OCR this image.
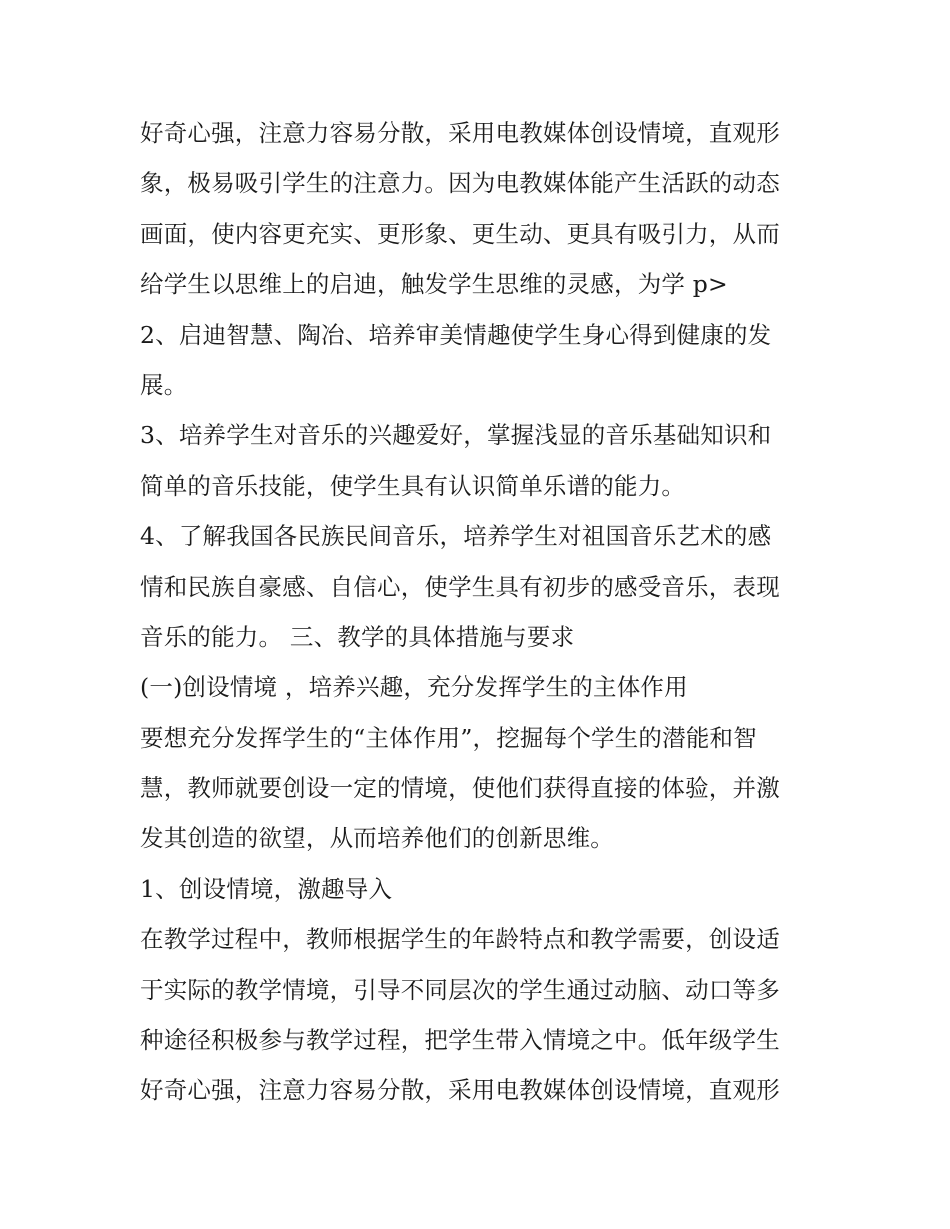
好奇心强，注意力容易分散，采用电教媒体创设情境，直观形
象，极易吸引学生的注意力。因为电教媒体能产生活跃的动态
画面，使内容更充实、更形象、更生动、更具有吸引力，从而
给学生以思维上的启迪，触发学生思维的灵感，为学 p>
2、启迪智慧、陶冶、培养审美情趣使学生身心得到健康的发
展。
3、培养学生对音乐的兴趣爱好，掌握浅显的音乐基础知识和
简单的音乐技能，使学生具有认识简单乐谱的能力。
4、了解我国各民族民间音乐，培养学生对祖国音乐艺术的感
情和民族自豪感、自信心，使学生具有初步的感受音乐，表现
音乐的能力。 三、教学的具体措施与要求
(一)创设情境 ，培养兴趣，充分发挥学生的主体作用
要想充分发挥学生的“主体作用”，挖掘每个学生的潜能和智
慧，教师就要创设一定的情境，使他们获得直接的体验，并激
发其创造的欲望，从而培养他们的创新思维。
1、创设情境，激趣导入
在教学过程中，教师根据学生的年龄特点和教学需要，创设适
于实际的教学情境，引导不同层次的学生通过动脑、动口等多
种途径积极参与教学过程，把学生带入情境之中。低年级学生
好奇心强，注意力容易分散，采用电教媒体创设情境，直观形
